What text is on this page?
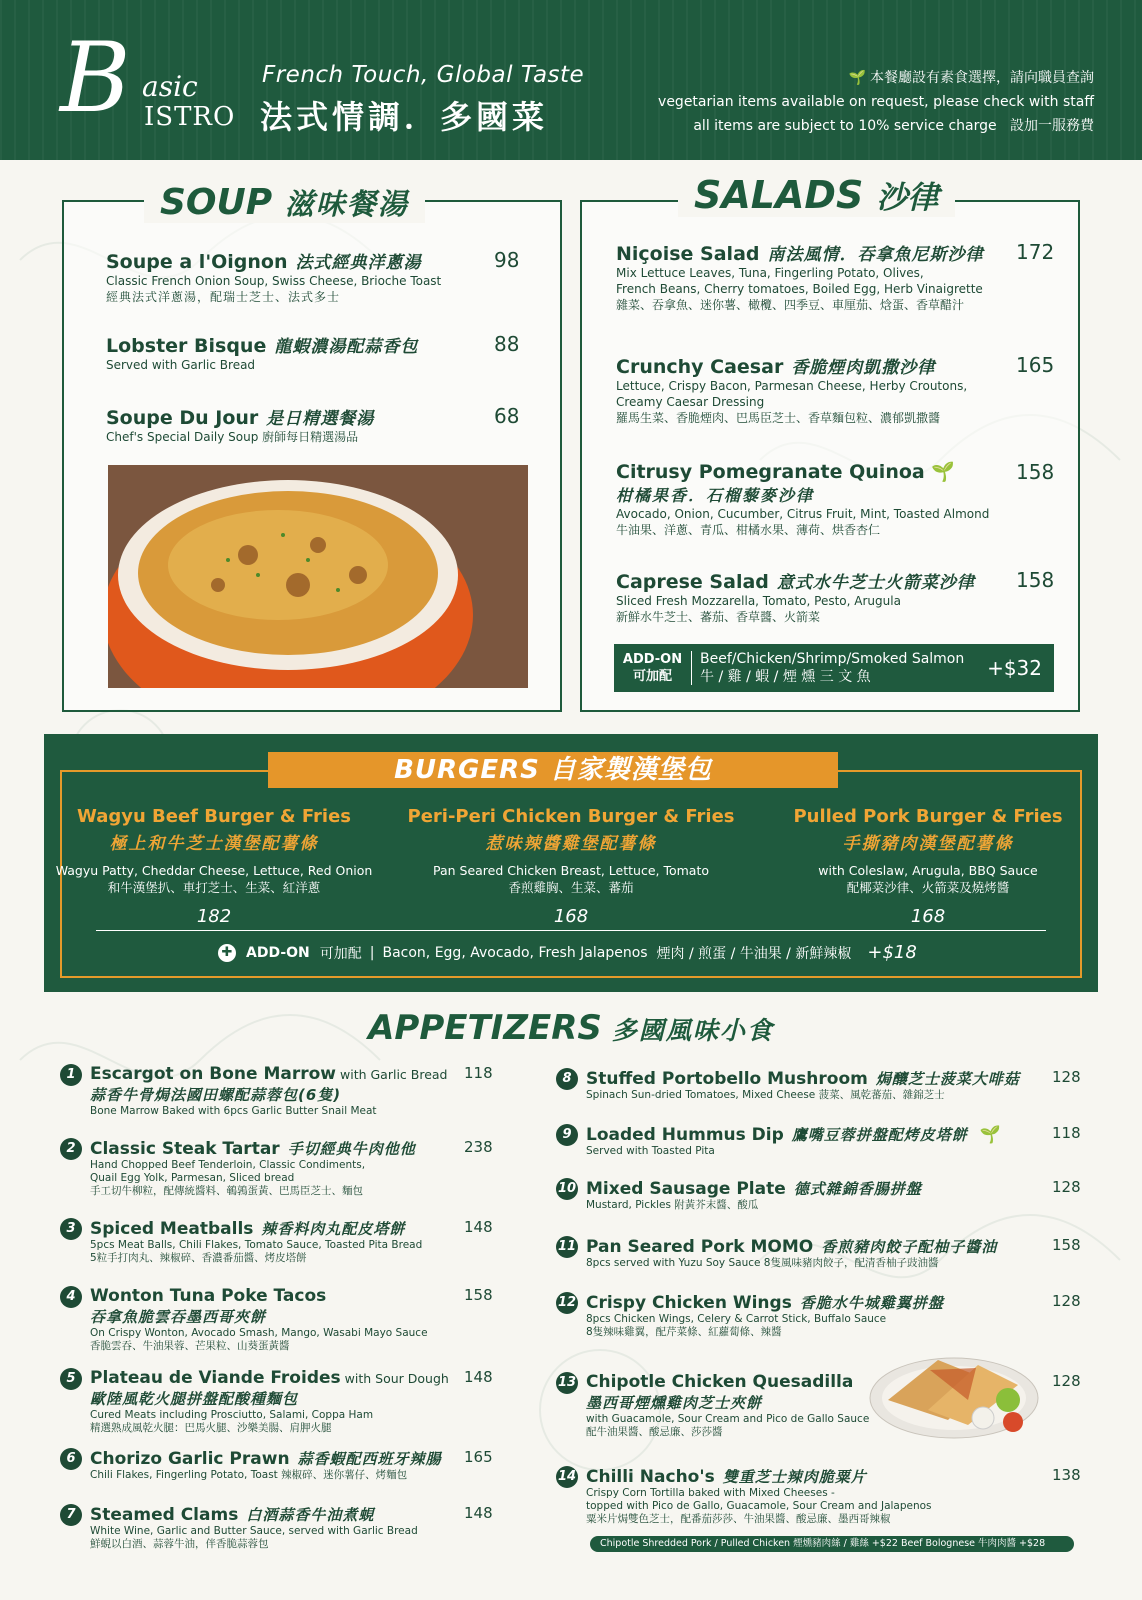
B asic
ISTRO
French Touch, Global Taste
法式情調．多國菜
🌱 本餐廳設有素食選擇，請向職員查詢
vegetarian items available on request, please check with staff
all items are subject to 10% service charge 設加一服務費
SOUP 滋味餐湯
Soupe a l'Oignon 法式經典洋蔥湯
Classic French Onion Soup, Swiss Cheese, Brioche Toast
經典法式洋蔥湯，配瑞士芝士、法式多士
98
Lobster Bisque 龍蝦濃湯配蒜香包
Served with Garlic Bread
88
Soupe Du Jour 是日精選餐湯
Chef's Special Daily Soup 廚師每日精選湯品
68
SALADS 沙律
Niçoise Salad 南法風情．吞拿魚尼斯沙律
Mix Lettuce Leaves, Tuna, Fingerling Potato, Olives,
French Beans, Cherry tomatoes, Boiled Egg, Herb Vinaigrette
雜菜、吞拿魚、迷你薯、橄欖、四季豆、車厘茄、焓蛋、香草醋汁
172
Crunchy Caesar 香脆煙肉凱撒沙律
Lettuce, Crispy Bacon, Parmesan Cheese, Herby Croutons,
Creamy Caesar Dressing
羅馬生菜、香脆煙肉、巴馬臣芝士、香草麵包粒、濃郁凱撒醬
165
Citrusy Pomegranate Quinoa 🌱
柑橘果香．石榴藜麥沙律
Avocado, Onion, Cucumber, Citrus Fruit, Mint, Toasted Almond
牛油果、洋蔥、青瓜、柑橘水果、薄荷、烘香杏仁
158
Caprese Salad 意式水牛芝士火箭菜沙律
Sliced Fresh Mozzarella, Tomato, Pesto, Arugula
新鮮水牛芝士、蕃茄、香草醬、火箭菜
158
ADD-ON
可加配
Beef/Chicken/Shrimp/Smoked Salmon
牛 / 雞 / 蝦 / 煙 燻 三 文 魚	+$32
BURGERS 自家製漢堡包
Wagyu Beef Burger & Fries
極上和牛芝士漢堡配薯條
Wagyu Patty, Cheddar Cheese, Lettuce, Red Onion
和牛漢堡扒、車打芝士、生菜、紅洋蔥
182
Peri-Peri Chicken Burger & Fries
惹味辣醬雞堡配薯條
Pan Seared Chicken Breast, Lettuce, Tomato
香煎雞胸、生菜、蕃茄
168
Pulled Pork Burger & Fries
手撕豬肉漢堡配薯條
with Coleslaw, Arugula, BBQ Sauce
配椰菜沙律、火箭菜及燒烤醬
168
✚ ADD-ON 可加配 | Bacon, Egg, Avocado, Fresh Jalapenos
煙肉 / 煎蛋 / 牛油果 / 新鮮辣椒 +$18
APPETIZERS 多國風味小食
1 Escargot on Bone Marrow with Garlic Bread
蒜香牛骨焗法國田螺配蒜蓉包(6隻)
Bone Marrow Baked with 6pcs Garlic Butter Snail Meat
118
2 Classic Steak Tartar 手切經典牛肉他他
Hand Chopped Beef Tenderloin, Classic Condiments,
Quail Egg Yolk, Parmesan, Sliced bread
手工切牛柳粒，配傳統醬料、鵪鶉蛋黃、巴馬臣芝士、麵包
238
3 Spiced Meatballs 辣香料肉丸配皮塔餅
5pcs Meat Balls, Chili Flakes, Tomato Sauce, Toasted Pita Bread
5粒手打肉丸、辣椒碎、香濃番茄醬、烤皮塔餅
148
4 Wonton Tuna Poke Tacos
吞拿魚脆雲吞墨西哥夾餅
On Crispy Wonton, Avocado Smash, Mango, Wasabi Mayo Sauce
香脆雲吞、牛油果蓉、芒果粒、山葵蛋黃醬
158
5 Plateau de Viande Froides with Sour Dough
歐陸風乾火腿拼盤配酸種麵包
Cured Meats including Prosciutto, Salami, Coppa Ham
精選熟成風乾火腿：巴馬火腿、沙樂美腸、肩胛火腿
148
6 Chorizo Garlic Prawn 蒜香蝦配西班牙辣腸
Chili Flakes, Fingerling Potato, Toast 辣椒碎、迷你薯仔、烤麵包
165
7 Steamed Clams 白酒蒜香牛油煮蜆
White Wine, Garlic and Butter Sauce, served with Garlic Bread
鮮蜆以白酒、蒜蓉牛油，伴香脆蒜蓉包
148
8 Stuffed Portobello Mushroom 焗釀芝士菠菜大啡菇
Spinach Sun-dried Tomatoes, Mixed Cheese 菠菜、風乾蕃茄、雜錦芝士
128
9 Loaded Hummus Dip 鷹嘴豆蓉拼盤配烤皮塔餅 🌱
Served with Toasted Pita
118
10 Mixed Sausage Plate 德式雜錦香腸拼盤
Mustard, Pickles 附黃芥末醬、酸瓜
128
11 Pan Seared Pork MOMO 香煎豬肉餃子配柚子醬油
8pcs served with Yuzu Soy Sauce 8隻風味豬肉餃子，配清香柚子豉油醬
158
12 Crispy Chicken Wings 香脆水牛城雞翼拼盤
8pcs Chicken Wings, Celery & Carrot Stick, Buffalo Sauce
8隻辣味雞翼，配芹菜條、紅蘿蔔條、辣醬
128
13 Chipotle Chicken Quesadilla
墨西哥煙燻雞肉芝士夾餅
with Guacamole, Sour Cream and Pico de Gallo Sauce
配牛油果醬、酸忌廉、莎莎醬
128
14 Chilli Nacho's 雙重芝士辣肉脆粟片
Crispy Corn Tortilla baked with Mixed Cheeses -
topped with Pico de Gallo, Guacamole, Sour Cream and Jalapenos
粟米片焗雙色芝士，配番茄莎莎、牛油果醬、酸忌廉、墨西哥辣椒
138
Chipotle Shredded Pork / Pulled Chicken 煙燻豬肉絲 / 雞絲 +$22 Beef Bolognese 牛肉肉醬 +$28
